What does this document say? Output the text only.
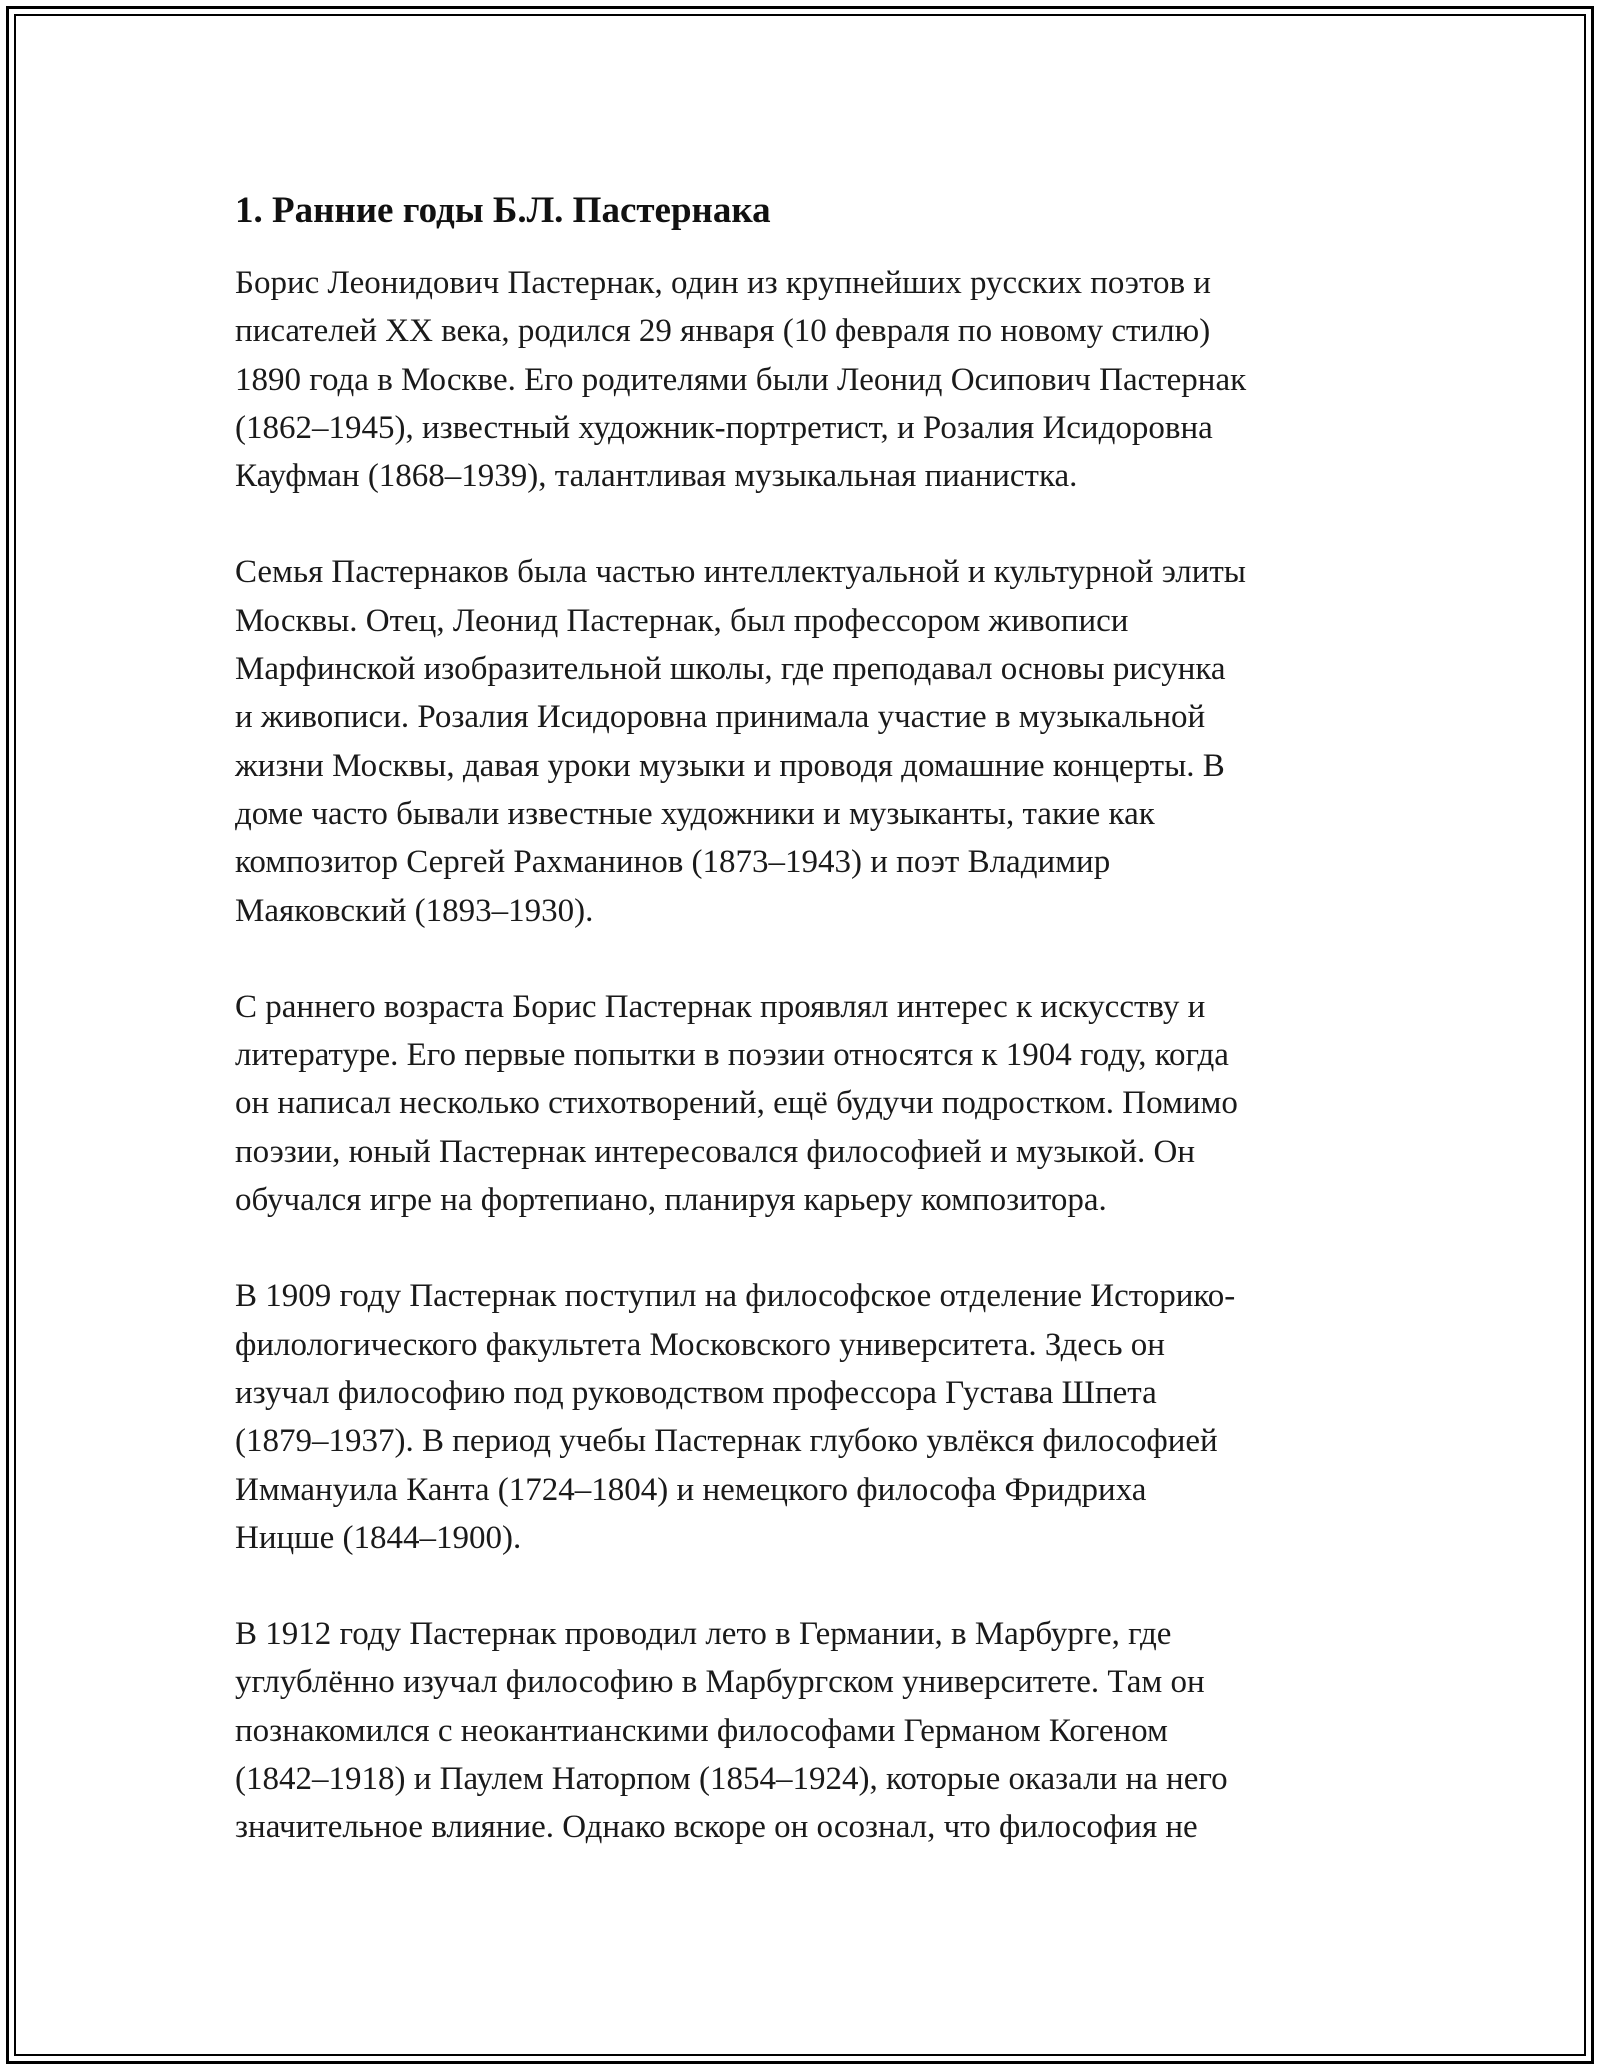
1. Ранние годы Б.Л. Пастернака

Борис Леонидович Пастернак, один из крупнейших русских поэтов и
писателей XX века, родился 29 января (10 февраля по новому стилю)
1890 года в Москве. Его родителями были Леонид Осипович Пастернак
(1862–1945), известный художник-портретист, и Розалия Исидоровна
Кауфман (1868–1939), талантливая музыкальная пианистка.

Семья Пастернаков была частью интеллектуальной и культурной элиты
Москвы. Отец, Леонид Пастернак, был профессором живописи
Марфинской изобразительной школы, где преподавал основы рисунка
и живописи. Розалия Исидоровна принимала участие в музыкальной
жизни Москвы, давая уроки музыки и проводя домашние концерты. В
доме часто бывали известные художники и музыканты, такие как
композитор Сергей Рахманинов (1873–1943) и поэт Владимир
Маяковский (1893–1930).

С раннего возраста Борис Пастернак проявлял интерес к искусству и
литературе. Его первые попытки в поэзии относятся к 1904 году, когда
он написал несколько стихотворений, ещё будучи подростком. Помимо
поэзии, юный Пастернак интересовался философией и музыкой. Он
обучался игре на фортепиано, планируя карьеру композитора.

В 1909 году Пастернак поступил на философское отделение Историко-
филологического факультета Московского университета. Здесь он
изучал философию под руководством профессора Густава Шпета
(1879–1937). В период учебы Пастернак глубоко увлёкся философией
Иммануила Канта (1724–1804) и немецкого философа Фридриха
Ницше (1844–1900).

В 1912 году Пастернак проводил лето в Германии, в Марбурге, где
углублённо изучал философию в Марбургском университете. Там он
познакомился с неокантианскими философами Германом Когеном
(1842–1918) и Паулем Наторпом (1854–1924), которые оказали на него
значительное влияние. Однако вскоре он осознал, что философия не
